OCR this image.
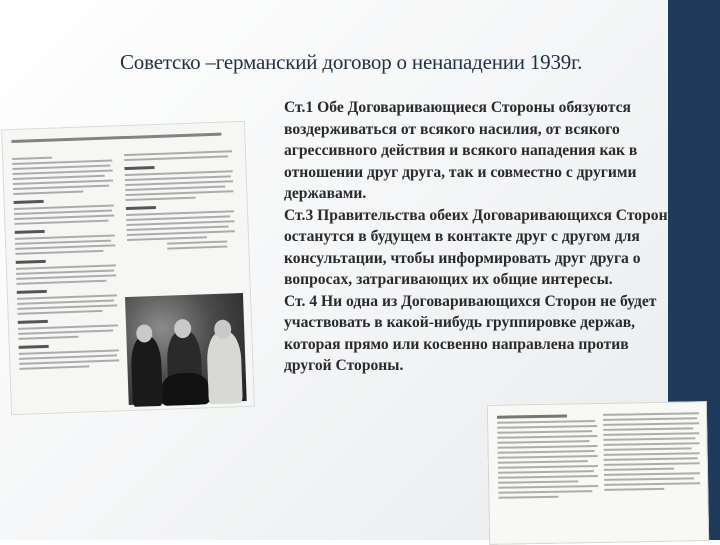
Советско –германский договор о ненападении 1939г.

Ст.1 Обе Договаривающиеся Стороны обязуются воздерживаться от всякого насилия, от всякого агрессивного действия и всякого нападения как в отношении друг друга, так и совместно с другими державами.

Ст.3 Правительства обеих Договаривающихся Сторон останутся в будущем в контакте друг с другом для консультации, чтобы информировать друг друга о вопросах, затрагивающих их общие интересы.

Ст. 4 Ни одна из Договаривающихся Сторон не будет участвовать в какой-нибудь группировке держав, которая прямо или косвенно направлена против другой Стороны.
